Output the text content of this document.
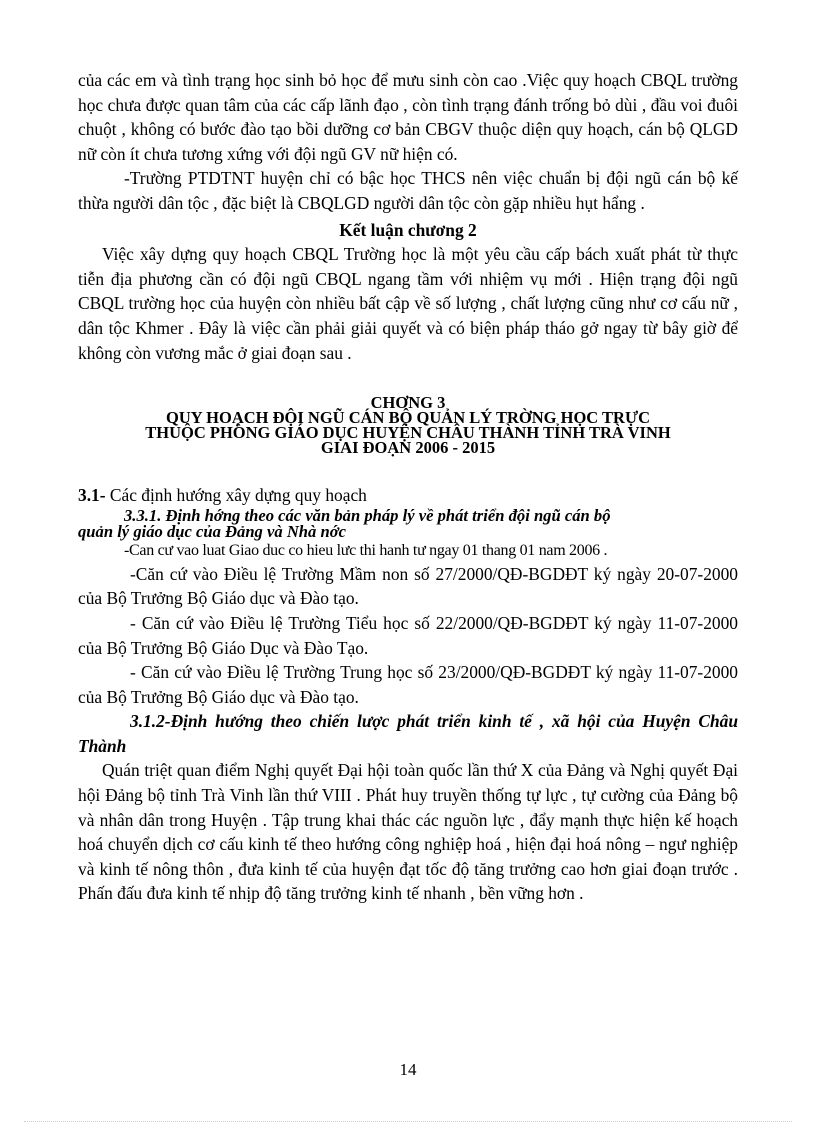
của các em và tình trạng học sinh bỏ học để mưu sinh còn cao .Việc quy hoạch CBQL trường học chưa được quan tâm của các cấp lãnh đạo , còn tình trạng đánh trống bỏ dùi , đầu voi đuôi chuột , không có bước đào tạo bồi dưỡng cơ bản CBGV thuộc diện quy hoạch, cán bộ QLGD nữ còn ít chưa tương xứng với đội ngũ GV nữ hiện có.

-Trường PTDTNT huyện chỉ có bậc học THCS nên việc chuẩn bị đội ngũ cán bộ kế thừa người dân tộc , đặc biệt là CBQLGD người dân tộc còn gặp nhiều hụt hẩng .

Kết luận chương 2

Việc xây dựng quy hoạch CBQL Trường học là một yêu cầu cấp bách xuất phát từ thực tiễn địa phương cần có đội ngũ CBQL ngang tầm với nhiệm vụ mới . Hiện trạng đội ngũ CBQL trường học của huyện còn nhiều bất cập về số lượng , chất lượng cũng như cơ cấu nữ , dân tộc Khmer . Đây là việc cần phải giải quyết và có biện pháp tháo gở ngay từ bây giờ để không còn vương mắc ở giai đoạn sau .

CHƠNG 3
QUY HOẠCH ĐỘI NGŨ CÁN BỘ QUẢN LÝ TRỜNG HỌC TRỰC
THUỘC PHÒNG GIÁO DỤC HUYỆN CHÂU THÀNH TỈNH TRÀ VINH
GIAI ĐOẠN 2006 - 2015

3.1- Các định hướng xây dựng quy hoạch

3.3.1. Định hớng theo các văn bản pháp lý về phát triển đội ngũ cán bộ
quản lý giáo dục của Đảng và Nhà nớc

-Can cư vao luat Giao duc co hieu lưc thi hanh tư ngay 01 thang 01 nam 2006 .

-Căn cứ vào Điều lệ Trường Mầm non số 27/2000/QĐ-BGDĐT ký ngày 20-07-2000 của Bộ Trưởng Bộ Giáo dục và Đào tạo.

- Căn cứ vào Điều lệ Trường Tiểu học số 22/2000/QĐ-BGDĐT ký ngày 11-07-2000 của Bộ Trưởng Bộ Giáo Dục và Đào Tạo.

- Căn cứ vào Điều lệ Trường Trung học số 23/2000/QĐ-BGDĐT ký ngày 11-07-2000 của Bộ Trưởng Bộ Giáo dục và Đào tạo.

3.1.2-Định hướng theo chiến lược phát triển kinh tế , xã hội của Huyện Châu Thành

Quán triệt quan điểm Nghị quyết Đại hội toàn quốc lần thứ X của Đảng và Nghị quyết Đại hội Đảng bộ tỉnh Trà Vinh lần thứ VIII . Phát huy truyền thống tự lực , tự cường của Đảng bộ và nhân dân trong Huyện . Tập trung khai thác các nguồn lực , đẩy mạnh thực hiện kế hoạch hoá chuyển dịch cơ cấu kinh tế theo hướng công nghiệp hoá , hiện đại hoá nông – ngư nghiệp và kinh tế nông thôn , đưa kinh tế của huyện đạt tốc độ tăng trưởng cao hơn giai đoạn trước . Phấn đấu đưa kinh tế nhịp độ tăng trưởng kinh tế nhanh , bền vững hơn .

14
